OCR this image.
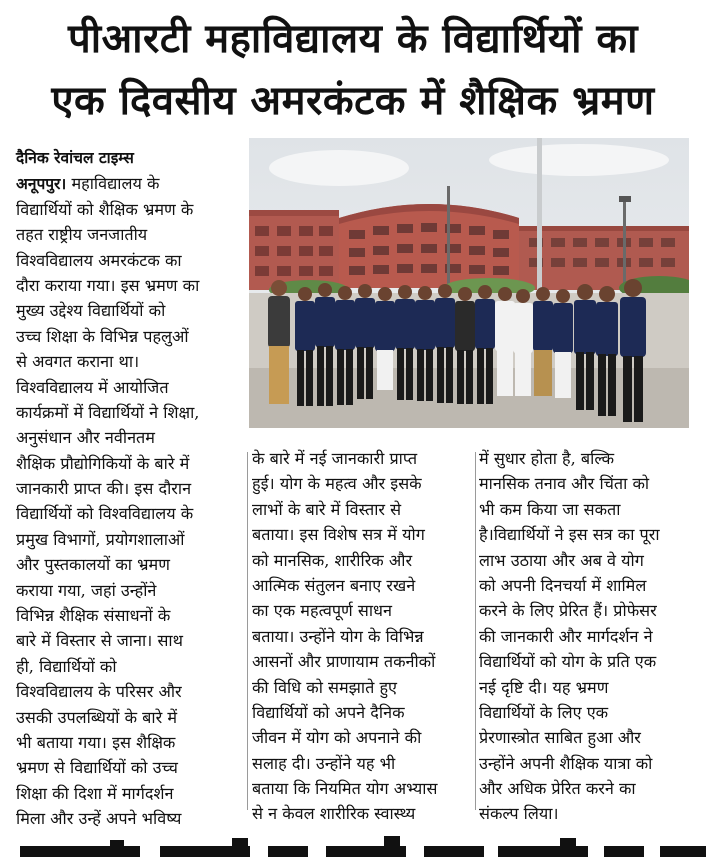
पीआरटी महाविद्यालय के विद्यार्थियों का
एक दिवसीय अमरकंटक में शैक्षिक भ्रमण
दैनिक रेवांचल टाइम्स
अनूपपुर। महाविद्यालय के
विद्यार्थियों को शैक्षिक भ्रमण के
तहत राष्ट्रीय जनजातीय
विश्वविद्यालय अमरकंटक का
दौरा कराया गया। इस भ्रमण का
मुख्य उद्देश्य विद्यार्थियों को
उच्च शिक्षा के विभिन्न पहलुओं
से अवगत कराना था।
विश्वविद्यालय में आयोजित
कार्यक्रमों में विद्यार्थियों ने शिक्षा,
अनुसंधान और नवीनतम
शैक्षिक प्रौद्योगिकियों के बारे में
जानकारी प्राप्त की। इस दौरान
विद्यार्थियों को विश्वविद्यालय के
प्रमुख विभागों, प्रयोगशालाओं
और पुस्तकालयों का भ्रमण
कराया गया, जहां उन्होंने
विभिन्न शैक्षिक संसाधनों के
बारे में विस्तार से जाना। साथ
ही, विद्यार्थियों को
विश्वविद्यालय के परिसर और
उसकी उपलब्धियों के बारे में
भी बताया गया। इस शैक्षिक
भ्रमण से विद्यार्थियों को उच्च
शिक्षा की दिशा में मार्गदर्शन
मिला और उन्हें अपने भविष्य
के बारे में नई जानकारी प्राप्त
हुई। योग के महत्व और इसके
लाभों के बारे में विस्तार से
बताया। इस विशेष सत्र में योग
को मानसिक, शारीरिक और
आत्मिक संतुलन बनाए रखने
का एक महत्वपूर्ण साधन
बताया। उन्होंने योग के विभिन्न
आसनों और प्राणायाम तकनीकों
की विधि को समझाते हुए
विद्यार्थियों को अपने दैनिक
जीवन में योग को अपनाने की
सलाह दी। उन्होंने यह भी
बताया कि नियमित योग अभ्यास
से न केवल शारीरिक स्वास्थ्य
में सुधार होता है, बल्कि
मानसिक तनाव और चिंता को
भी कम किया जा सकता
है।विद्यार्थियों ने इस सत्र का पूरा
लाभ उठाया और अब वे योग
को अपनी दिनचर्या में शामिल
करने के लिए प्रेरित हैं। प्रोफेसर
की जानकारी और मार्गदर्शन ने
विद्यार्थियों को योग के प्रति एक
नई दृष्टि दी। यह भ्रमण
विद्यार्थियों के लिए एक
प्रेरणास्त्रोत साबित हुआ और
उन्होंने अपनी शैक्षिक यात्रा को
और अधिक प्रेरित करने का
संकल्प लिया।
